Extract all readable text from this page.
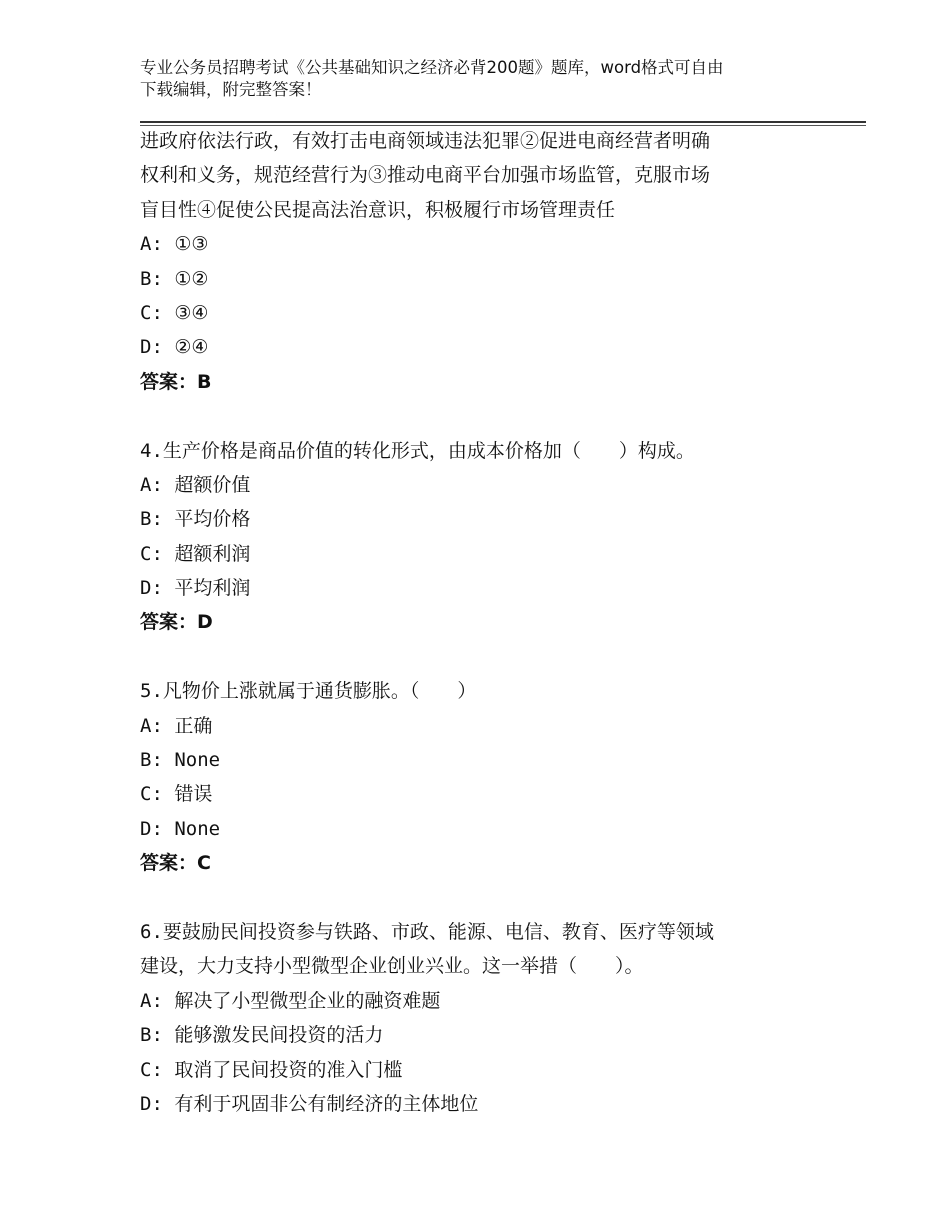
专业公务员招聘考试《公共基础知识之经济必背200题》题库，word格式可自由
下载编辑，附完整答案！
进政府依法行政，有效打击电商领域违法犯罪②促进电商经营者明确
权利和义务，规范经营行为③推动电商平台加强市场监管，克服市场
盲目性④促使公民提高法治意识，积极履行市场管理责任
A: ①③
B: ①②
C: ③④
D: ②④
答案：B
4.生产价格是商品价值的转化形式，由成本价格加（　　）构成。
A: 超额价值
B: 平均价格
C: 超额利润
D: 平均利润
答案：D
5.凡物价上涨就属于通货膨胀。（　　）
A: 正确
B: None
C: 错误
D: None
答案：C
6.要鼓励民间投资参与铁路、市政、能源、电信、教育、医疗等领域
建设，大力支持小型微型企业创业兴业。这一举措（　　）。
A: 解决了小型微型企业的融资难题
B: 能够激发民间投资的活力
C: 取消了民间投资的准入门槛
D: 有利于巩固非公有制经济的主体地位
